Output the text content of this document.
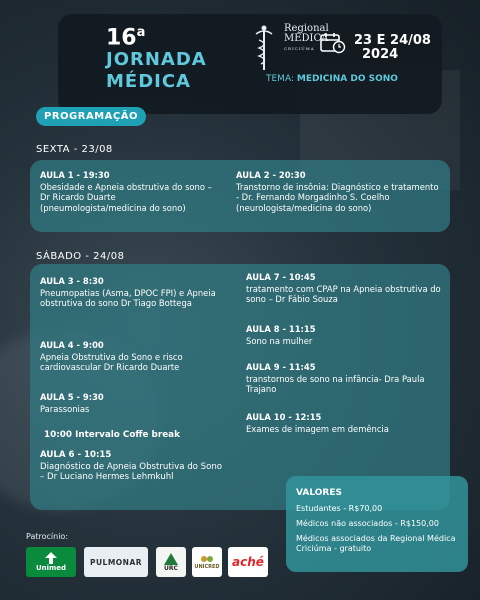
16$^a$
JORNADA
MÉDICA
Regional
MÉDICA
CRICIÚMA
23 E 24/08
2024
TEMA: MEDICINA DO SONO
PROGRAMAÇÃO
SEXTA - 23/08
AULA 1 - 19:30
Obesidade e Apneia obstrutiva do sono – Dr Ricardo Duarte (pneumologista/medicina do sono)
AULA 2 - 20:30
Transtorno de insônia: Diagnóstico e tratamento - Dr. Fernando Morgadinho S. Coelho (neurologista/medicina do sono)
SÁBADO - 24/08
AULA 3 - 8:30
Pneumopatias (Asma, DPOC FPI) e Apneia obstrutiva do sono Dr Tiago Bottega
AULA 4 - 9:00
Apneia Obstrutiva do Sono e risco cardiovascular Dr Ricardo Duarte
AULA 5 - 9:30
Parassonias
AULA 6 - 10:15
Diagnóstico de Apneia Obstrutiva do Sono – Dr Luciano Hermes Lehmkuhl
AULA 7 - 10:45
tratamento com CPAP na Apneia obstrutiva do sono – Dr Fábio Souza
AULA 8 - 11:15
Sono na mulher
AULA 9 - 11:45
transtornos de sono na infância- Dra Paula Trajano
AULA 10 - 12:15
Exames de imagem em demência
10:00 Intervalo Coffe break
VALORES
Estudantes - R$70,00
Médicos não associados - R$150,00
Médicos associados da Regional Médica Criciúma - gratuito
Patrocínio:
Unimed
PULMONAR
URC	UNICRED aché
